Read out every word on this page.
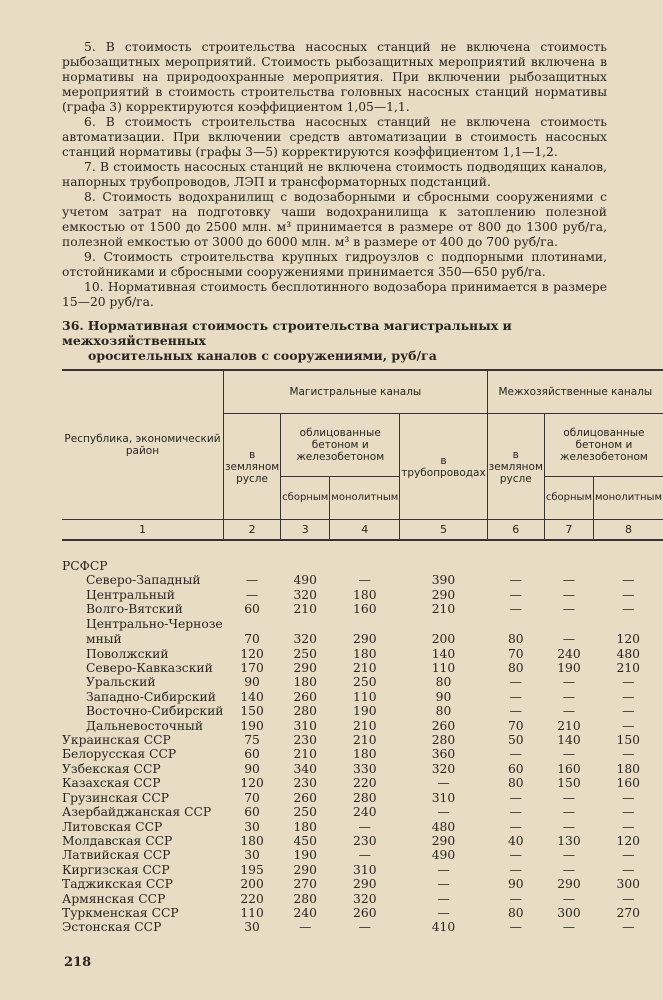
5. В стоимость строительства насосных станций не включена стоимость рыбозащитных мероприятий. Стоимость рыбозащитных мероприятий включена в нормативы на природоохранные мероприятия. При включении рыбозащитных мероприятий в стоимость строительства головных насосных станций нормативы (графа 3) корректируются коэффициентом 1,05—1,1.

6. В стоимость строительства насосных станций не включена стоимость автоматизации. При включении средств автоматизации в стоимость насосных станций нормативы (графы 3—5) корректируются коэффициентом 1,1—1,2.

7. В стоимость насосных станций не включена стоимость подводящих каналов, напорных трубопроводов, ЛЭП и трансформаторных подстанций.

8. Стоимость водохранилищ с водозаборными и сбросными сооружениями с учетом затрат на подготовку чаши водохранилища к затоплению полезной емкостью от 1500 до 2500 млн. м³ принимается в размере от 800 до 1300 руб/га, полезной емкостью от 3000 до 6000 млн. м³ в размере от 400 до 700 руб/га.

9. Стоимость строительства крупных гидроузлов с подпорными плотинами, отстойниками и сбросными сооружениями принимается 350—650 руб/га.

10. Нормативная стоимость бесплотинного водозабора принимается в размере 15—20 руб/га.

36. Нормативная стоимость строительства магистральных и межхозяйственных
оросительных каналов с сооружениями, руб/га
Республика, экономический район	Магистральные каналы				Межхозяйственные каналы		
	в земляном русле	облицованные бетоном и железобетоном		в трубопроводах	в земляном русле	облицованные бетоном и железобетоном	
		сборным	монолитным			сборным	монолитным
1	2	3	4	5	6	7	8

РСФСР							
Северо-Западный	—	490	—	390	—	—	—
Центральный	—	320	180	290	—	—	—
Волго-Вятский	60	210	160	210	—	—	—
Центрально-Черноземный	70	320	290	200	80	—	120
Поволжский	120	250	180	140	70	240	480
Северо-Кавказский	170	290	210	110	80	190	210
Уральский	90	180	250	80	—	—	—
Западно-Сибирский	140	260	110	90	—	—	—
Восточно-Сибирский	150	280	190	80	—	—	—
Дальневосточный	190	310	210	260	70	210	—
Украинская ССР	75	230	210	280	50	140	150
Белорусская ССР	60	210	180	360	—	—	—
Узбекская ССР	90	340	330	320	60	160	180
Казахская ССР	120	230	220	—	80	150	160
Грузинская ССР	70	260	280	310	—	—	—
Азербайджанская ССР	60	250	240	—	—	—	—
Литовская ССР	30	180	—	480	—	—	—
Молдавская ССР	180	450	230	290	40	130	120
Латвийская ССР	30	190	—	490	—	—	—
Киргизская ССР	195	290	310	—	—	—	—
Таджикская ССР	200	270	290	—	90	290	300
Армянская ССР	220	280	320	—	—	—	—
Туркменская ССР	110	240	260	—	80	300	270
Эстонская ССР	30	—	—	410	—	—	—
218
